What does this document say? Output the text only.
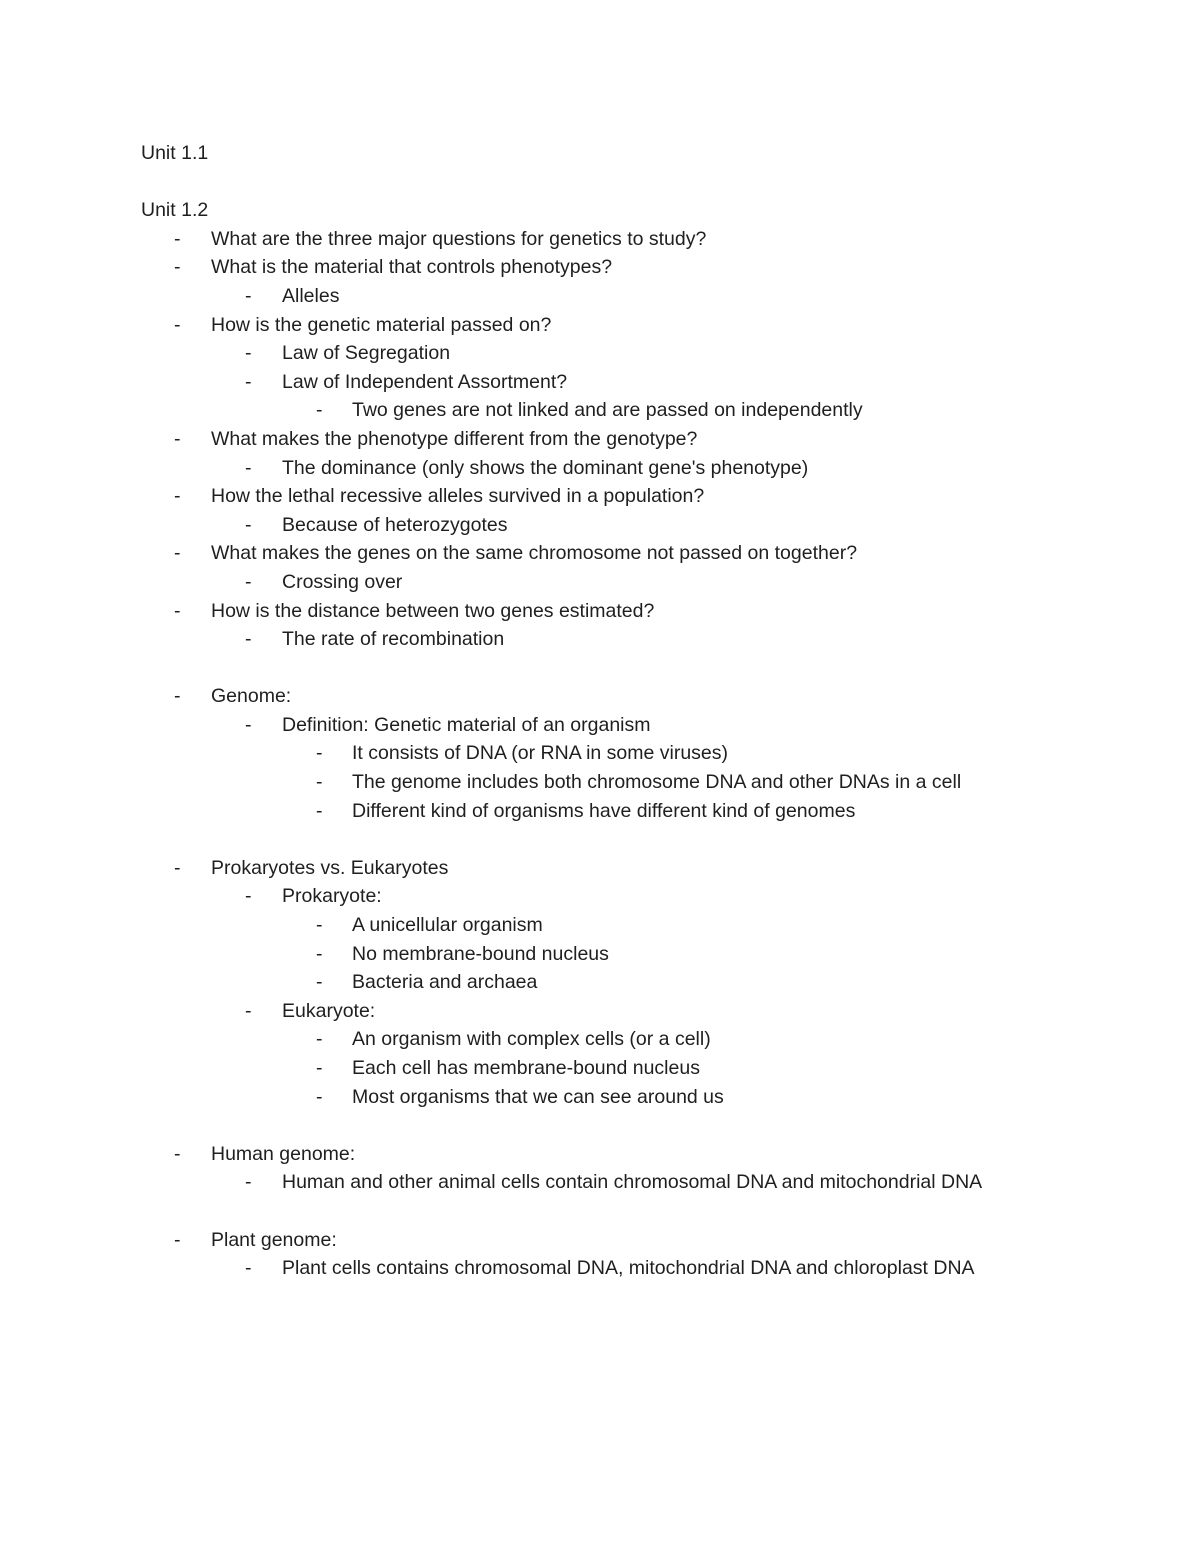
Unit 1.1
Unit 1.2
- What are the three major questions for genetics to study?
- What is the material that controls phenotypes?
- Alleles
- How is the genetic material passed on?
- Law of Segregation
- Law of Independent Assortment?
- Two genes are not linked and are passed on independently
- What makes the phenotype different from the genotype?
- The dominance (only shows the dominant gene's phenotype)
- How the lethal recessive alleles survived in a population?
- Because of heterozygotes
- What makes the genes on the same chromosome not passed on together?
- Crossing over
- How is the distance between two genes estimated?
- The rate of recombination
- Genome:
- Definition: Genetic material of an organism
- It consists of DNA (or RNA in some viruses)
- The genome includes both chromosome DNA and other DNAs in a cell
- Different kind of organisms have different kind of genomes
- Prokaryotes vs. Eukaryotes
- Prokaryote:
- A unicellular organism
- No membrane-bound nucleus
- Bacteria and archaea
- Eukaryote:
- An organism with complex cells (or a cell)
- Each cell has membrane-bound nucleus
- Most organisms that we can see around us
- Human genome:
- Human and other animal cells contain chromosomal DNA and mitochondrial DNA
- Plant genome:
- Plant cells contains chromosomal DNA, mitochondrial DNA and chloroplast DNA
